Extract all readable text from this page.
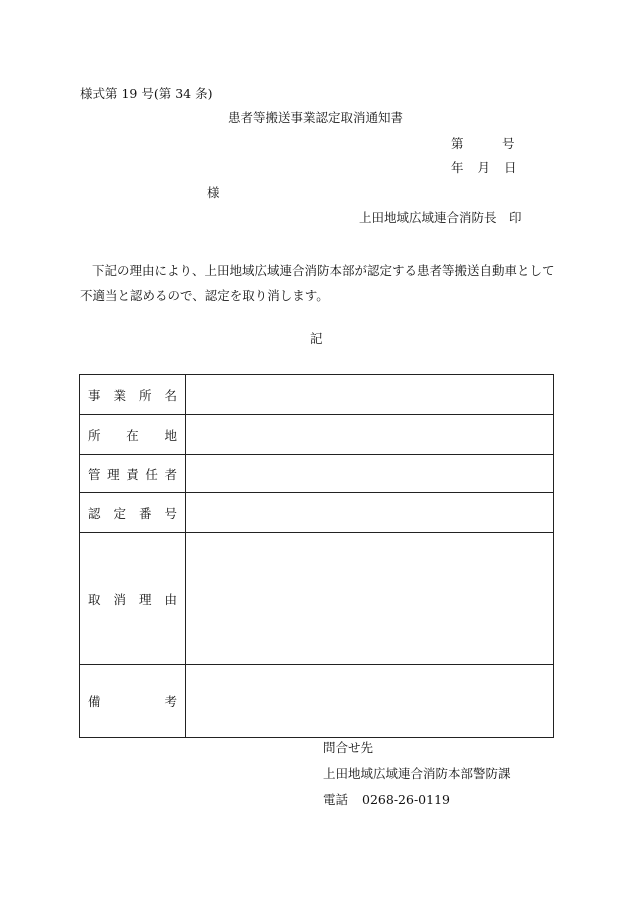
様式第 19 号(第 34 条)
患者等搬送事業認定取消通知書
第	号
年 月 日
様
上田地域広域連合消防長　印
下記の理由により、上田地域広域連合消防本部が認定する患者等搬送自動車として不適当と認めるので、認定を取り消します。
記
事 業 所 名	

所 在 地	

管 理 責 任 者	

認 定 番 号	

取 消 理 由	

備 考	

問合せ先
上田地域広域連合消防本部警防課
電話 0268-26-0119
